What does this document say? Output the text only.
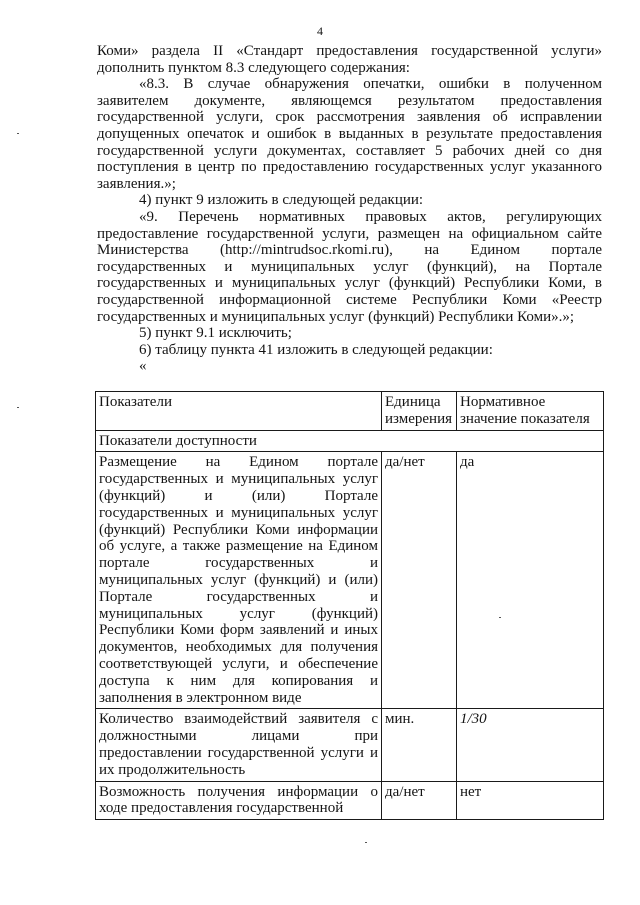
4

Коми» раздела II «Стандарт предоставления государственной услуги» дополнить пунктом 8.3 следующего содержания:

«8.3. В случае обнаружения опечатки, ошибки в полученном заявителем документе, являющемся результатом предоставления государственной услуги, срок рассмотрения заявления об исправлении допущенных опечаток и ошибок в выданных в результате предоставления государственной услуги документах, составляет 5 рабочих дней со дня поступления в центр по предоставлению государственных услуг указанного заявления.»;

4) пункт 9 изложить в следующей редакции:

«9. Перечень нормативных правовых актов, регулирующих предоставление государственной услуги, размещен на официальном сайте Министерства (http://mintrudsoc.rkomi.ru), на Едином портале государственных и муниципальных услуг (функций), на Портале государственных и муниципальных услуг (функций) Республики Коми, в государственной информационной системе Республики Коми «Реестр государственных и муниципальных услуг (функций) Республики Коми».»;

5) пункт 9.1 исключить;

6) таблицу пункта 41 изложить в следующей редакции:

«

Показатели	Единица измерения	Нормативное значение показателя
Показатели доступности		
Размещение на Едином портале государственных и муниципальных услуг (функций) и (или) Портале государственных и муниципальных услуг (функций) Республики Коми информации об услуге, а также размещение на Едином портале государственных и муниципальных услуг (функций) и (или) Портале государственных и муниципальных услуг (функций) Республики Коми форм заявлений и иных документов, необходимых для получения соответствующей услуги, и обеспечение доступа к ним для копирования и заполнения в электронном виде	да/нет	да
Количество взаимодействий заявителя с должностными лицами при предоставлении государственной услуги и их продолжительность	мин.	1/30
Возможность получения информации о ходе предоставления государственной	да/нет	нет
